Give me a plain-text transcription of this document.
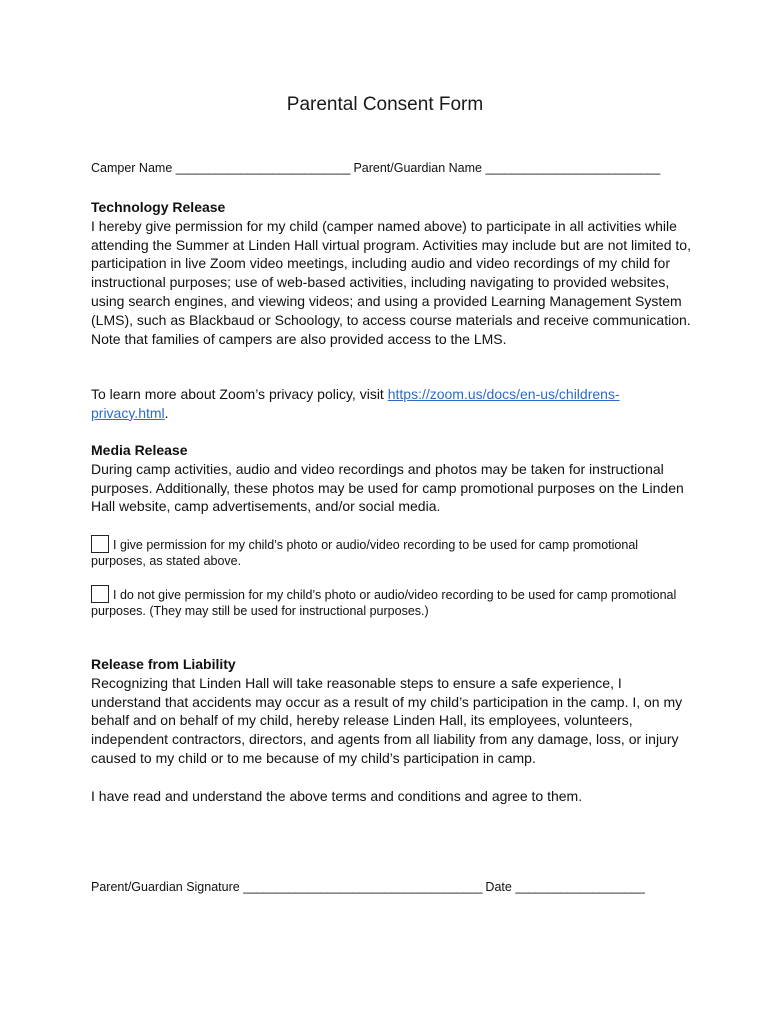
Parental Consent Form
Camper Name ___________________________ Parent/Guardian Name ___________________________
Technology Release

I hereby give permission for my child (camper named above) to participate in all activities while attending the Summer at Linden Hall virtual program. Activities may include but are not limited to, participation in live Zoom video meetings, including audio and video recordings of my child for instructional purposes; use of web-based activities, including navigating to provided websites, using search engines, and viewing videos; and using a provided Learning Management System (LMS), such as Blackbaud or Schoology, to access course materials and receive communication. Note that families of campers are also provided access to the LMS.

To learn more about Zoom’s privacy policy, visit https://zoom.us/docs/en-us/childrens-privacy.html.
Media Release

During camp activities, audio and video recordings and photos may be taken for instructional purposes. Additionally, these photos may be used for camp promotional purposes on the Linden Hall website, camp advertisements, and/or social media.

I give permission for my child’s photo or audio/video recording to be used for camp promotional purposes, as stated above.
I do not give permission for my child’s photo or audio/video recording to be used for camp promotional purposes. (They may still be used for instructional purposes.)
Release from Liability

Recognizing that Linden Hall will take reasonable steps to ensure a safe experience, I understand that accidents may occur as a result of my child’s participation in the camp. I, on my behalf and on behalf of my child, hereby release Linden Hall, its employees, volunteers, independent contractors, directors, and agents from all liability from any damage, loss, or injury caused to my child or to me because of my child’s participation in camp.

I have read and understand the above terms and conditions and agree to them.
Parent/Guardian Signature _____________________________________ Date ____________________
